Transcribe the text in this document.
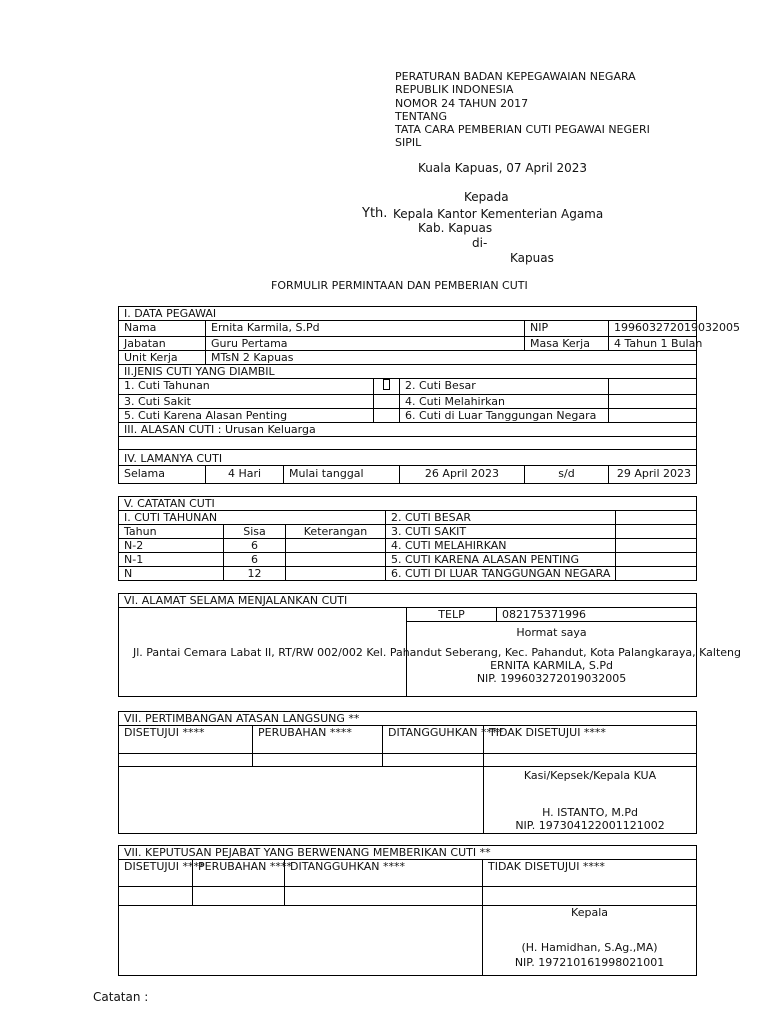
PERATURAN BADAN KEPEGAWAIAN NEGARA
REPUBLIK INDONESIA
NOMOR 24 TAHUN 2017
TENTANG
TATA CARA PEMBERIAN CUTI PEGAWAI NEGERI
SIPIL
Kuala Kapuas, 07 April 2023
Kepada
Yth. Kepala Kantor Kementerian Agama
Kab. Kapuas
di-
Kapuas
FORMULIR PERMINTAAN DAN PEMBERIAN CUTI
I. DATA PEGAWAI						
Nama	Ernita Karmila, S.Pd				NIP	199603272019032005
Jabatan	Guru Pertama				Masa Kerja	4 Tahun 1 Bulan
Unit Kerja	MTsN 2 Kapuas					
II.JENIS CUTI YANG DIAMBIL						
1. Cuti Tahunan				2. Cuti Besar		
3. Cuti Sakit				4. Cuti Melahirkan		
5. Cuti Karena Alasan Penting				6. Cuti di Luar Tanggungan Negara		
III. ALASAN CUTI : Urusan Keluarga						

IV. LAMANYA CUTI						
Selama	4 Hari	Mulai tanggal		26 April 2023	s/d	29 April 2023
V. CATATAN CUTI				
I. CUTI TAHUNAN			2. CUTI BESAR	
Tahun	Sisa	Keterangan	3. CUTI SAKIT	
N-2	6		4. CUTI MELAHIRKAN	
N-1	6		5. CUTI KARENA ALASAN PENTING	
N	12		6. CUTI DI LUAR TANGGUNGAN NEGARA	
VI. ALAMAT SELAMA MENJALANKAN CUTI
Jl. Pantai Cemara Labat II, RT/RW 002/002 Kel. Pahandut Seberang, Kec. Pahandut, Kota Palangkaraya, Kalteng	TELP	082175371996

Hormat saya
ERNITA KARMILA, S.Pd
NIP. 199603272019032005
VII. PERTIMBANGAN ATASAN LANGSUNG **			
DISETUJUI ****	PERUBAHAN ****	DITANGGUHKAN ****	TIDAK DISETUJUI ****

			Kasi/Kepsek/Kepala KUA
H. ISTANTO, M.Pd
NIP. 197304122001121002
VII. KEPUTUSAN PEJABAT YANG BERWENANG MEMBERIKAN CUTI **			
DISETUJUI ****	PERUBAHAN ****	DITANGGUHKAN ****	TIDAK DISETUJUI ****

			Kepala
(H. Hamidhan, S.Ag.,MA)
NIP. 197210161998021001
Catatan :
